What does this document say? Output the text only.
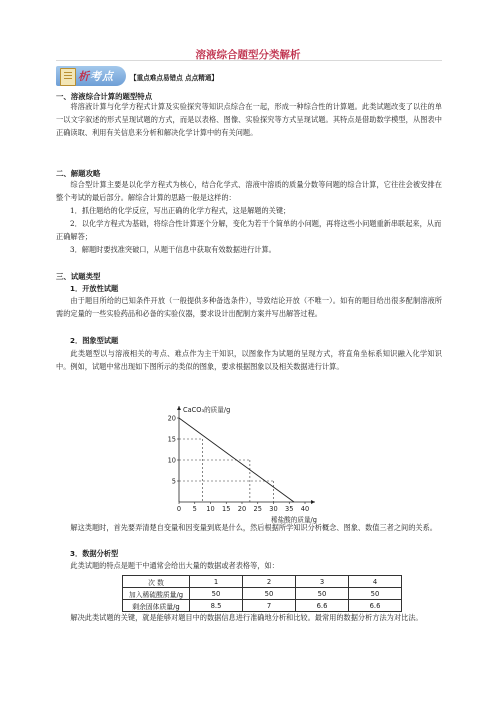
溶液综合题型分类解析
析考点 【重点难点易错点 点点精通】
一、溶液综合计算的题型特点

将溶液计算与化学方程式计算及实验探究等知识点综合在一起，形成一种综合性的计算题。此类试题改变了以往的单一以文字叙述的形式呈现试题的方式，而是以表格、图像、实验探究等方式呈现试题。其特点是借助数学模型，从图表中正确读取、利用有关信息来分析和解决化学计算中的有关问题。

二、解题攻略

综合型计算主要是以化学方程式为核心，结合化学式、溶液中溶质的质量分数等问题的综合计算，它往往会被安排在整个考试的最后部分。解综合计算的思路一般是这样的：

1．抓住题给的化学反应，写出正确的化学方程式，这是解题的关键；

2．以化学方程式为基础，将综合性计算逐个分解，变化为若干个简单的小问题，再将这些小问题重新串联起来，从而正确解答；

3．解题时要找准突破口，从题干信息中获取有效数据进行计算。

三、试题类型
1．开放性试题

由于题目所给的已知条件开放（一般提供多种备选条件），导致结论开放（不唯一）。如有的题目给出很多配制溶液所需的定量的一些实验药品和必备的实验仪器，要求设计出配制方案并写出解答过程。

2．图象型试题

此类题型以与溶液相关的考点、难点作为主干知识，以图象作为试题的呈现方式，将直角坐标系知识融入化学知识中。例如，试题中常出现如下图所示的类似的图象，要求根据图象以及相关数据进行计算。

CaCO₃的质量/g
稀盐酸的质量/g
0 5 10 15 20 25 30 35 40
5
10
15
20

解这类题时，首先要弄清楚自变量和因变量到底是什么，然后根据所学知识分析概念、图象、数值三者之间的关系。

3．数据分析型

此类试题的特点是题干中通常会给出大量的数据或者表格等，如：

次 数	1	2	3	4
加入稀硫酸质量/g	50	50	50	50
剩余固体质量/g	8.5	7	6.6	6.6

解决此类试题的关键，就是能够对题目中的数据信息进行准确地分析和比较。最常用的数据分析方法为对比法。
